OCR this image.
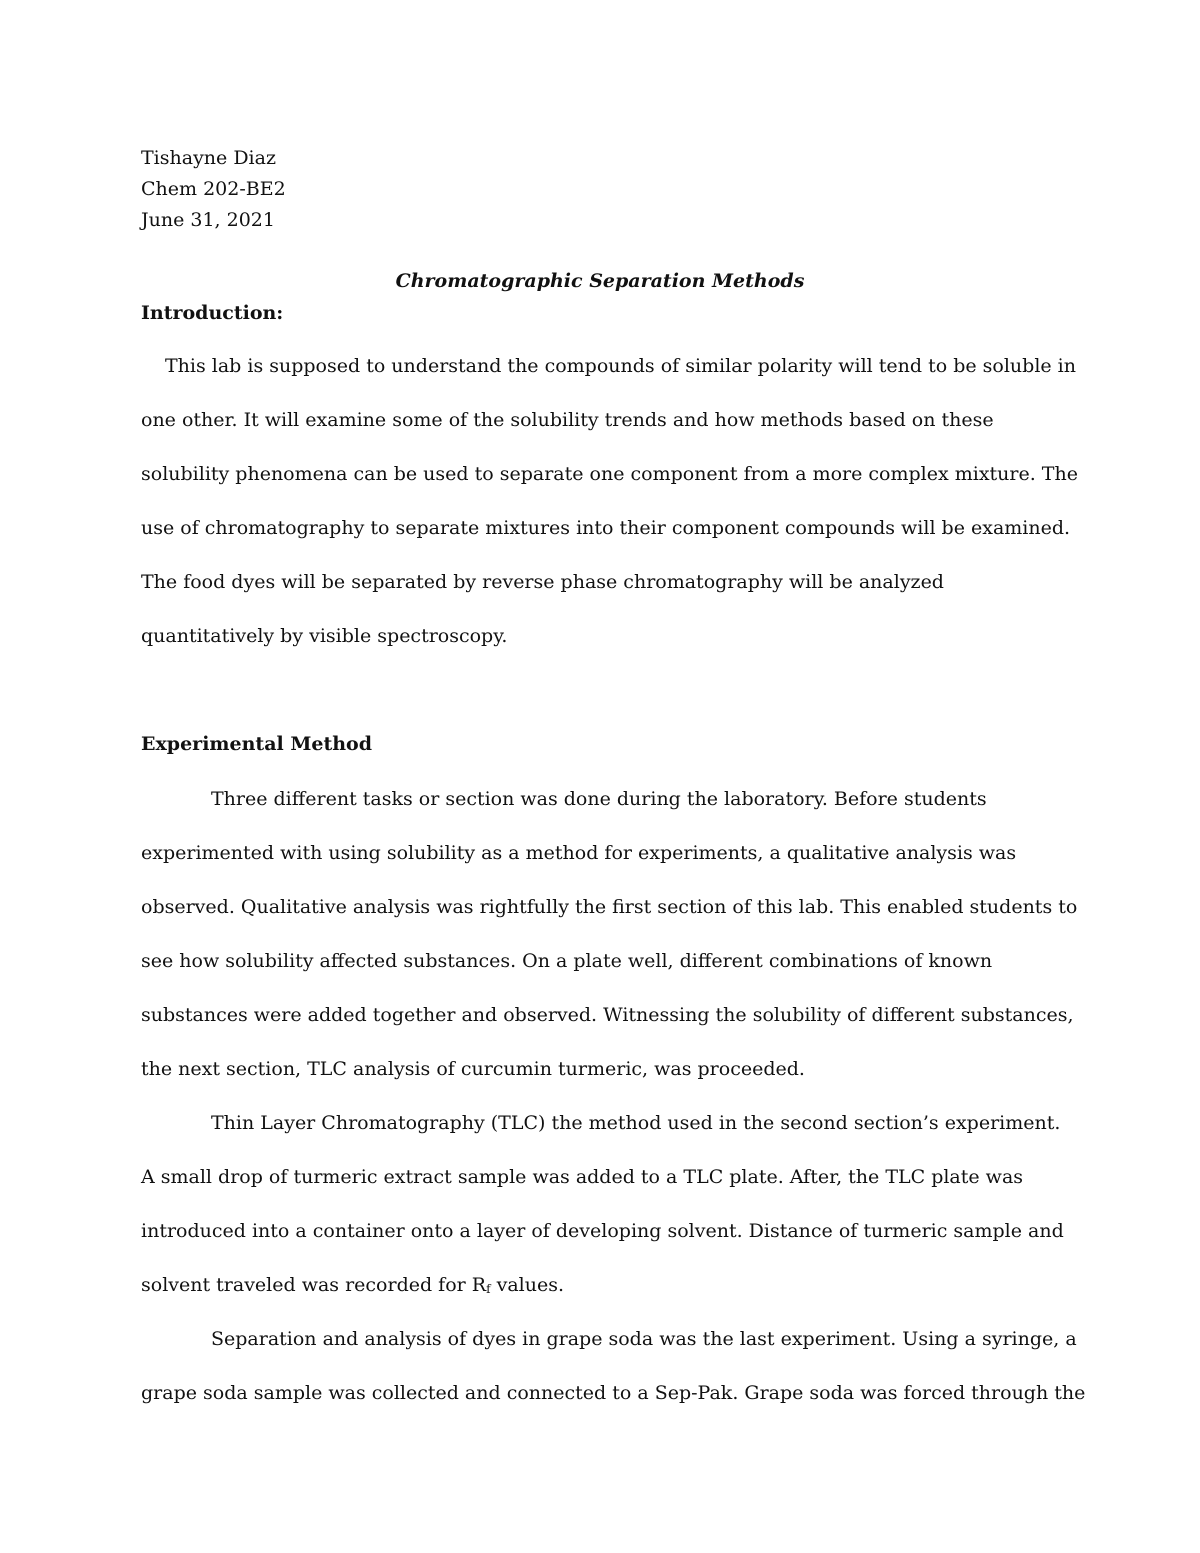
Tishayne Diaz
Chem 202-BE2
June 31, 2021
Chromatographic Separation Methods
Introduction:
This lab is supposed to understand the compounds of similar polarity will tend to be soluble in
one other. It will examine some of the solubility trends and how methods based on these
solubility phenomena can be used to separate one component from a more complex mixture. The
use of chromatography to separate mixtures into their component compounds will be examined.
The food dyes will be separated by reverse phase chromatography will be analyzed
quantitatively by visible spectroscopy.
Experimental Method
Three different tasks or section was done during the laboratory. Before students
experimented with using solubility as a method for experiments, a qualitative analysis was
observed. Qualitative analysis was rightfully the first section of this lab. This enabled students to
see how solubility affected substances. On a plate well, different combinations of known
substances were added together and observed. Witnessing the solubility of different substances,
the next section, TLC analysis of curcumin turmeric, was proceeded.
Thin Layer Chromatography (TLC) the method used in the second section’s experiment.
A small drop of turmeric extract sample was added to a TLC plate. After, the TLC plate was
introduced into a container onto a layer of developing solvent. Distance of turmeric sample and
solvent traveled was recorded for $R_f$ values.
Separation and analysis of dyes in grape soda was the last experiment. Using a syringe, a
grape soda sample was collected and connected to a Sep-Pak. Grape soda was forced through the
